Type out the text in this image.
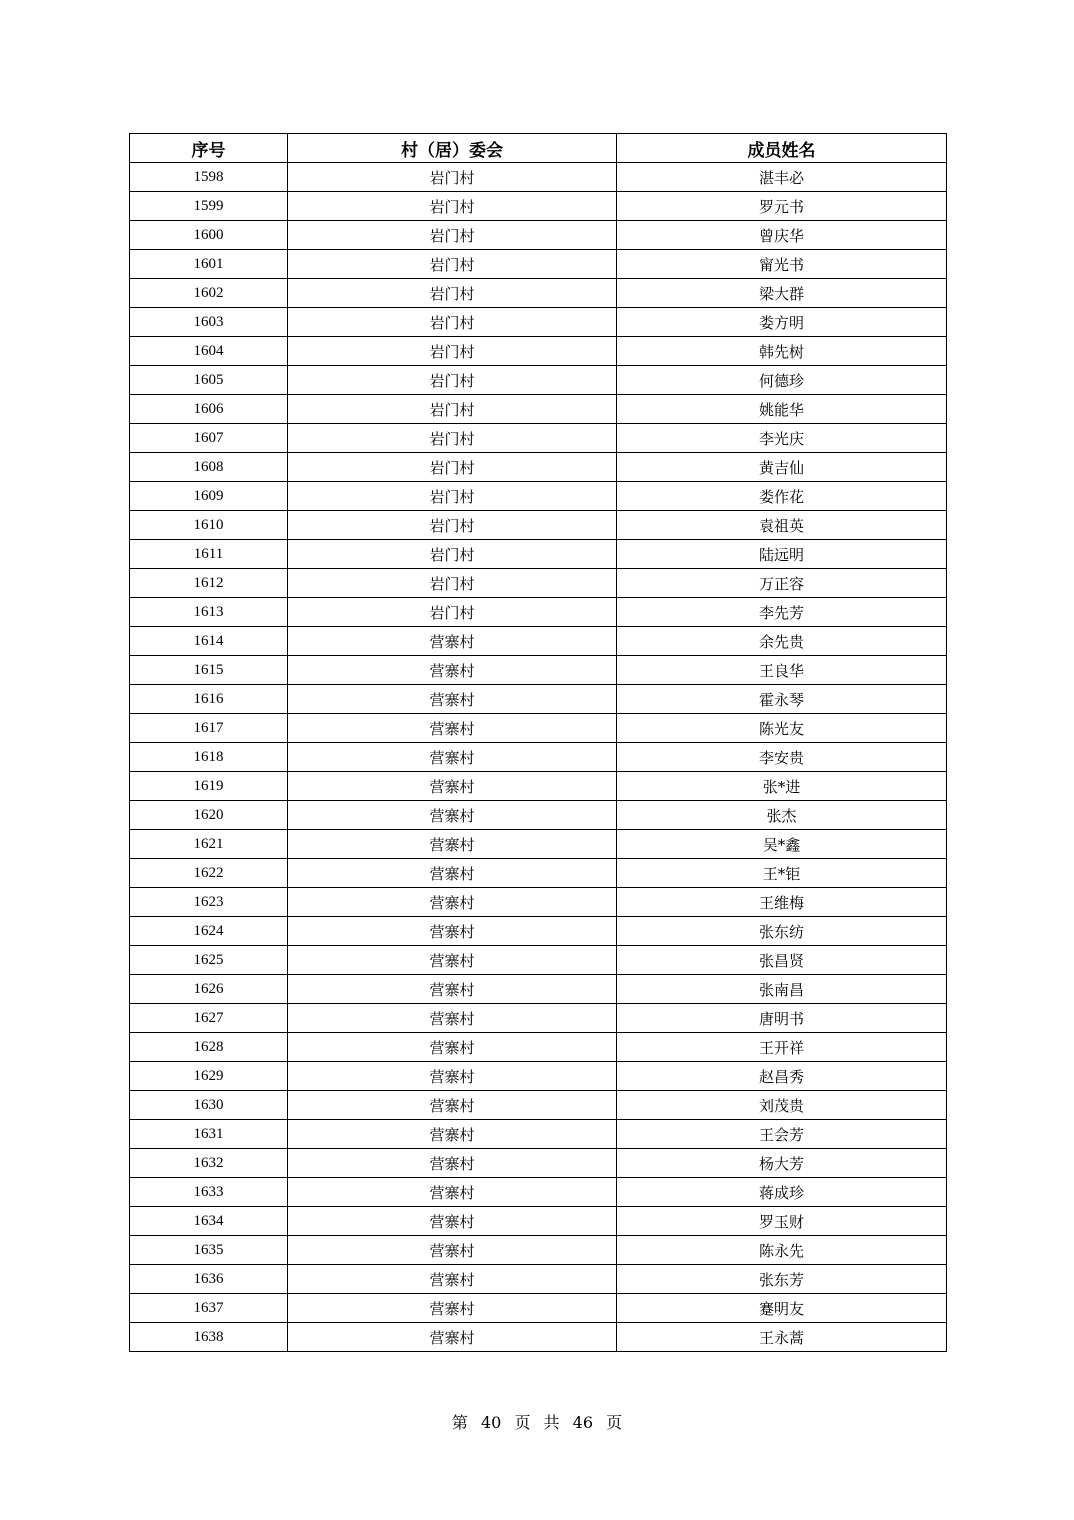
序号	村（居）委会	成员姓名
1598	岩门村	湛丰必
1599	岩门村	罗元书
1600	岩门村	曾庆华
1601	岩门村	甯光书
1602	岩门村	梁大群
1603	岩门村	娄方明
1604	岩门村	韩先树
1605	岩门村	何德珍
1606	岩门村	姚能华
1607	岩门村	李光庆
1608	岩门村	黄吉仙
1609	岩门村	娄作花
1610	岩门村	袁祖英
1611	岩门村	陆远明
1612	岩门村	万正容
1613	岩门村	李先芳
1614	营寨村	余先贵
1615	营寨村	王良华
1616	营寨村	霍永琴
1617	营寨村	陈光友
1618	营寨村	李安贵
1619	营寨村	张*进
1620	营寨村	张杰
1621	营寨村	吴*鑫
1622	营寨村	王*钜
1623	营寨村	王维梅
1624	营寨村	张东纺
1625	营寨村	张昌贤
1626	营寨村	张南昌
1627	营寨村	唐明书
1628	营寨村	王开祥
1629	营寨村	赵昌秀
1630	营寨村	刘茂贵
1631	营寨村	王会芳
1632	营寨村	杨大芳
1633	营寨村	蒋成珍
1634	营寨村	罗玉财
1635	营寨村	陈永先
1636	营寨村	张东芳
1637	营寨村	蹇明友
1638	营寨村	王永蒿
第 40 页 共 46 页
